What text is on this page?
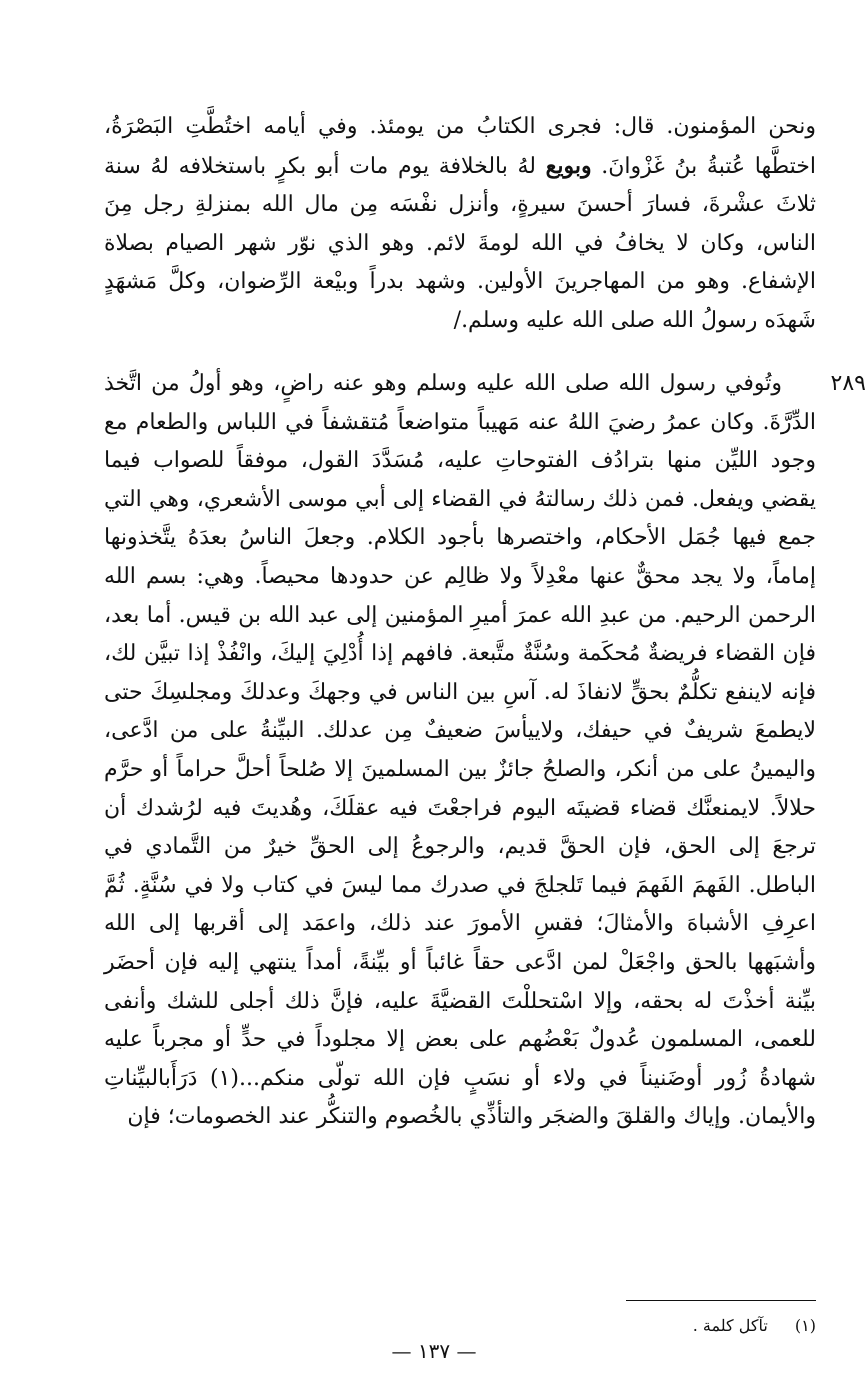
ونحن المؤمنون. قال: فجرى الكتابُ من يومئذ. وفي أيامه اختُطَّتِ البَصْرَةُ، اختطَّها عُتبةُ بنُ غَزْوانَ. وبويع لهُ بالخلافة يوم مات أبو بكرٍ باستخلافه لهُ سنة ثلاثَ عشْرةَ، فسارَ أحسنَ سيرةٍ، وأنزل نفْسَه مِن مال الله بمنزلةِ رجل مِنَ الناس، وكان لا يخافُ في الله لومةَ لائم. وهو الذي نوّر شهر الصيام بصلاة الإشفاع. وهو من المهاجرينَ الأولين. وشهد بدراً وبيْعة الرِّضوان، وكلَّ مَشهَدٍ شَهدَه رسولُ الله صلى الله عليه وسلم./
٢٨٩
وتُوفي رسول الله صلى الله عليه وسلم وهو عنه راضٍ، وهو أولُ من اتَّخذ الدِّرَّةَ. وكان عمرُ رضيَ اللهُ عنه مَهيباً متواضعاً مُتقشفاً في اللباس والطعام مع وجود الليِّن منها بترادُف الفتوحاتِ عليه، مُسَدَّدَ القول، موفقاً للصواب فيما يقضي ويفعل. فمن ذلك رسالتهُ في القضاء إلى أبي موسى الأشعري، وهي التي جمع فيها جُمَل الأحكام، واختصرها بأجود الكلام. وجعلَ الناسُ بعدَهُ يتَّخذونها إماماً، ولا يجد محقٌّ عنها معْدِلاً ولا ظالِم عن حدودها محيصاً. وهي: بسم الله الرحمن الرحيم. من عبدِ الله عمرَ أميرِ المؤمنين إلى عبد الله بن قيس. أما بعد، فإن القضاء فريضةٌ مُحكَمة وسُنَّةٌ متَّبعة. فافهم إذا أُدْلِيَ إليكَ، وانْفُذْ إذا تبيَّن لك، فإنه لاينفع تكلُّمٌ بحقٍّ لانفاذَ له. آسِ بين الناس في وجهكَ وعدلكَ ومجلسِكَ حتى لايطمعَ شريفٌ في حيفك، ولاييأسَ ضعيفٌ مِن عدلك. البيِّنةُ على من ادَّعى، واليمينُ على من أنكر، والصلحُ جائزٌ بين المسلمينَ إلا صُلحاً أحلَّ حراماً أو حرَّم حلالاً. لايمنعنَّك قضاء قضيتَه اليوم فراجعْتَ فيه عقلَكَ، وهُديتَ فيه لرُشدك أن ترجعَ إلى الحق، فإن الحقَّ قديم، والرجوعُ إلى الحقِّ خيرٌ من التَّمادي في الباطل. الفَهمَ الفَهمَ فيما تَلجلجَ في صدرك مما ليسَ في كتاب ولا في سُنَّةٍ. ثُمَّ اعرِفِ الأشباهَ والأمثالَ؛ فقسِ الأمورَ عند ذلك، واعمَد إلى أقربها إلى الله وأشبَهها بالحق واجْعَلْ لمن ادَّعى حقاً غائباً أو بيِّنةً، أمداً ينتهي إليه فإن أحضَر بيِّنة أخذْتَ له بحقه، وإلا اسْتحللْتَ القضيَّةَ عليه، فإنَّ ذلك أجلى للشك وأنفى للعمى، المسلمون عُدولٌ بَعْضُهم على بعض إلا مجلوداً في حدٍّ أو مجرباً عليه شهادةُ زُور أوضَنيناً في ولاء أو نسَبٍ فإن الله تولّى منكم...(١) دَرَأَبالبيِّناتِ والأيمان. وإياك والقلقَ والضجَر والتأذِّي بالخُصوم والتنكُّر عند الخصومات؛ فإن
(١) تآكل كلمة .
— ١٣٧ —
